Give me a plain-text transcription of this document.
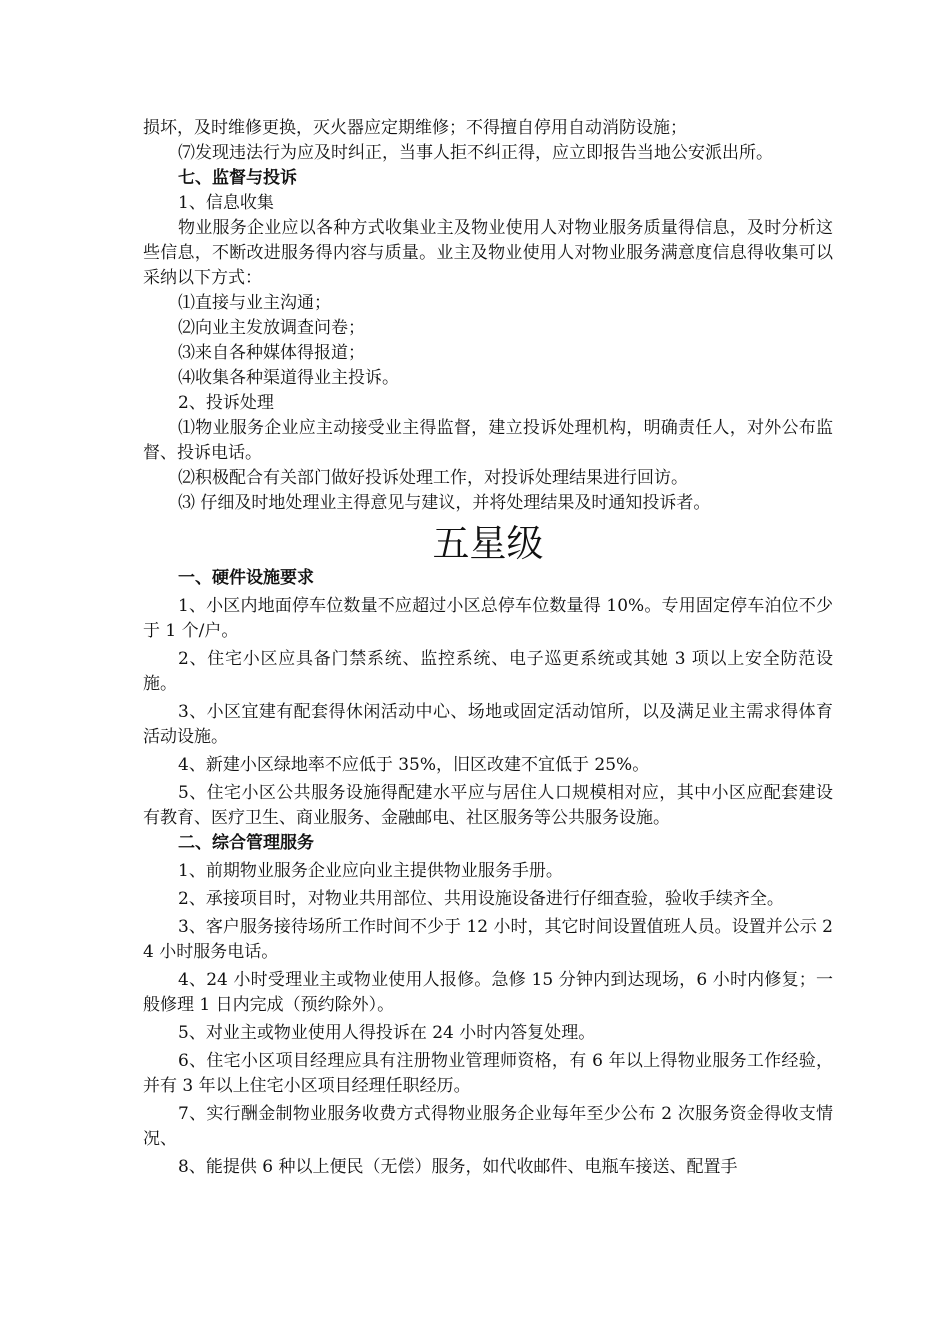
损坏，及时维修更换，灭火器应定期维修；不得擅自停用自动消防设施；

⑺发现违法行为应及时纠正，当事人拒不纠正得，应立即报告当地公安派出所。

七、监督与投诉

1、信息收集

物业服务企业应以各种方式收集业主及物业使用人对物业服务质量得信息，及时分析这些信息，不断改进服务得内容与质量。业主及物业使用人对物业服务满意度信息得收集可以采纳以下方式：

⑴直接与业主沟通；

⑵向业主发放调查问卷；

⑶来自各种媒体得报道；

⑷收集各种渠道得业主投诉。

2、投诉处理

⑴物业服务企业应主动接受业主得监督，建立投诉处理机构，明确责任人，对外公布监督、投诉电话。

⑵积极配合有关部门做好投诉处理工作，对投诉处理结果进行回访。

⑶ 仔细及时地处理业主得意见与建议，并将处理结果及时通知投诉者。

五星级

一、硬件设施要求

1、小区内地面停车位数量不应超过小区总停车位数量得 10%。专用固定停车泊位不少于 1 个/户。

2、住宅小区应具备门禁系统、监控系统、电子巡更系统或其她 3 项以上安全防范设施。

3、小区宜建有配套得休闲活动中心、场地或固定活动馆所，以及满足业主需求得体育活动设施。

4、新建小区绿地率不应低于 35%，旧区改建不宜低于 25%。

5、住宅小区公共服务设施得配建水平应与居住人口规模相对应，其中小区应配套建设有教育、医疗卫生、商业服务、金融邮电、社区服务等公共服务设施。

二、综合管理服务

1、前期物业服务企业应向业主提供物业服务手册。

2、承接项目时，对物业共用部位、共用设施设备进行仔细查验，验收手续齐全。

3、客户服务接待场所工作时间不少于 12 小时，其它时间设置值班人员。设置并公示 24 小时服务电话。

4、24 小时受理业主或物业使用人报修。急修 15 分钟内到达现场，6 小时内修复；一般修理 1 日内完成（预约除外）。

5、对业主或物业使用人得投诉在 24 小时内答复处理。

6、住宅小区项目经理应具有注册物业管理师资格，有 6 年以上得物业服务工作经验，并有 3 年以上住宅小区项目经理任职经历。

7、实行酬金制物业服务收费方式得物业服务企业每年至少公布 2 次服务资金得收支情况、

8、能提供 6 种以上便民（无偿）服务，如代收邮件、电瓶车接送、配置手
